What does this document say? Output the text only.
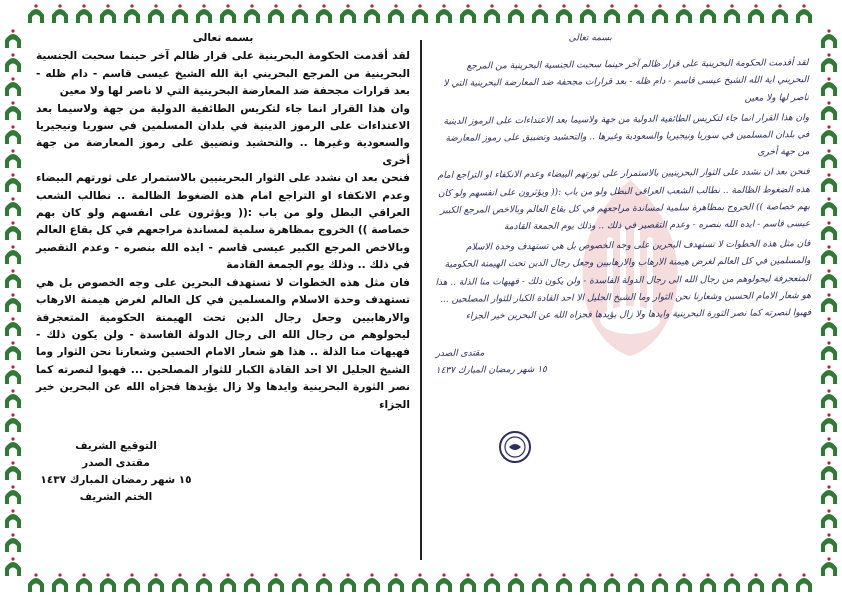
بسمه تعالى

لقد أقدمت الحكومة البحرينية على قرار ظالم آخر حينما سحبت الجنسية البحرينية من المرجع البحريني اية الله الشيخ عيسى قاسم - دام ظله - بعد قرارات مجحفة ضد المعارضة البحرينية التي لا ناصر لها ولا معين

وان هذا القرار انما جاء لتكريس الطائفية الدولية من جهة ولاسيما بعد الاعتداءات على الرموز الدينية في بلدان المسلمين في سوريا ونيجيريا والسعودية وغيرها .. والتحشيد وتضييق على رموز المعارضة من جهة أخرى

فنحن بعد ان نشدد على الثوار البحرينيين بالاستمرار على ثورتهم البيضاء وعدم الانكفاء او التراجع امام هذه الضغوط الظالمة .. نطالب الشعب العراقي البطل ولو من باب :(( ويؤثرون على انفسهم ولو كان بهم خصاصة )) الخروج بمظاهرة سلمية لمساندة مراجعهم في كل بقاع العالم وبالاخص المرجع الكبير عيسى قاسم - ايده الله بنصره - وعدم التقصير في ذلك .. وذلك يوم الجمعة القادمة

فان مثل هذه الخطوات لا تستهدف البحرين على وجه الخصوص بل هي تستهدف وحدة الاسلام والمسلمين في كل العالم لغرض هيمنة الارهاب والارهابيين وجعل رجال الدين تحت الهيمنة الحكومية المتعجرفة ليحولوهم من رجال الله الى رجال الدولة الفاسدة - ولن يكون ذلك - فهيهات منا الذلة .. هذا هو شعار الامام الحسين وشعارنا نحن الثوار وما الشيخ الجليل الا احد القادة الكبار للثوار المصلحين ... فهبوا لنصرته كما نصر الثورة البحرينية وايدها ولا زال يؤيدها فجزاه الله عن البحرين خير الجزاء

التوقيع الشريف
مقتدى الصدر
١٥ شهر رمضان المبارك ١٤٣٧
الختم الشريف
بسمه تعالى

لقد أقدمت الحكومة البحرينية على قرار ظالم آخر حينما سحبت الجنسية البحرينية من المرجع البحريني اية الله الشيخ عيسى قاسم - دام ظله - بعد قرارات مجحفة ضد المعارضة البحرينية التي لا ناصر لها ولا معين

وان هذا القرار انما جاء لتكريس الطائفية الدولية من جهة ولاسيما بعد الاعتداءات على الرموز الدينية في بلدان المسلمين في سوريا ونيجيريا والسعودية وغيرها .. والتحشيد وتضييق على رموز المعارضة من جهة أخرى

فنحن بعد ان نشدد على الثوار البحرينيين بالاستمرار على ثورتهم البيضاء وعدم الانكفاء او التراجع امام هذه الضغوط الظالمة .. نطالب الشعب العراقي البطل ولو من باب :(( ويؤثرون على انفسهم ولو كان بهم خصاصة )) الخروج بمظاهرة سلمية لمساندة مراجعهم في كل بقاع العالم وبالاخص المرجع الكبير عيسى قاسم - ايده الله بنصره - وعدم التقصير في ذلك .. وذلك يوم الجمعة القادمة

فان مثل هذه الخطوات لا تستهدف البحرين على وجه الخصوص بل هي تستهدف وحدة الاسلام والمسلمين في كل العالم لغرض هيمنة الارهاب والارهابيين وجعل رجال الدين تحت الهيمنة الحكومية المتعجرفة ليحولوهم من رجال الله الى رجال الدولة الفاسدة - ولن يكون ذلك - فهيهات منا الذلة .. هذا هو شعار الامام الحسين وشعارنا نحن الثوار وما الشيخ الجليل الا احد القادة الكبار للثوار المصلحين ... فهبوا لنصرته كما نصر الثورة البحرينية وايدها ولا زال يؤيدها فجزاه الله عن البحرين خير الجزاء

مقتدى الصدر
١٥ شهر رمضان المبارك ١٤٣٧
